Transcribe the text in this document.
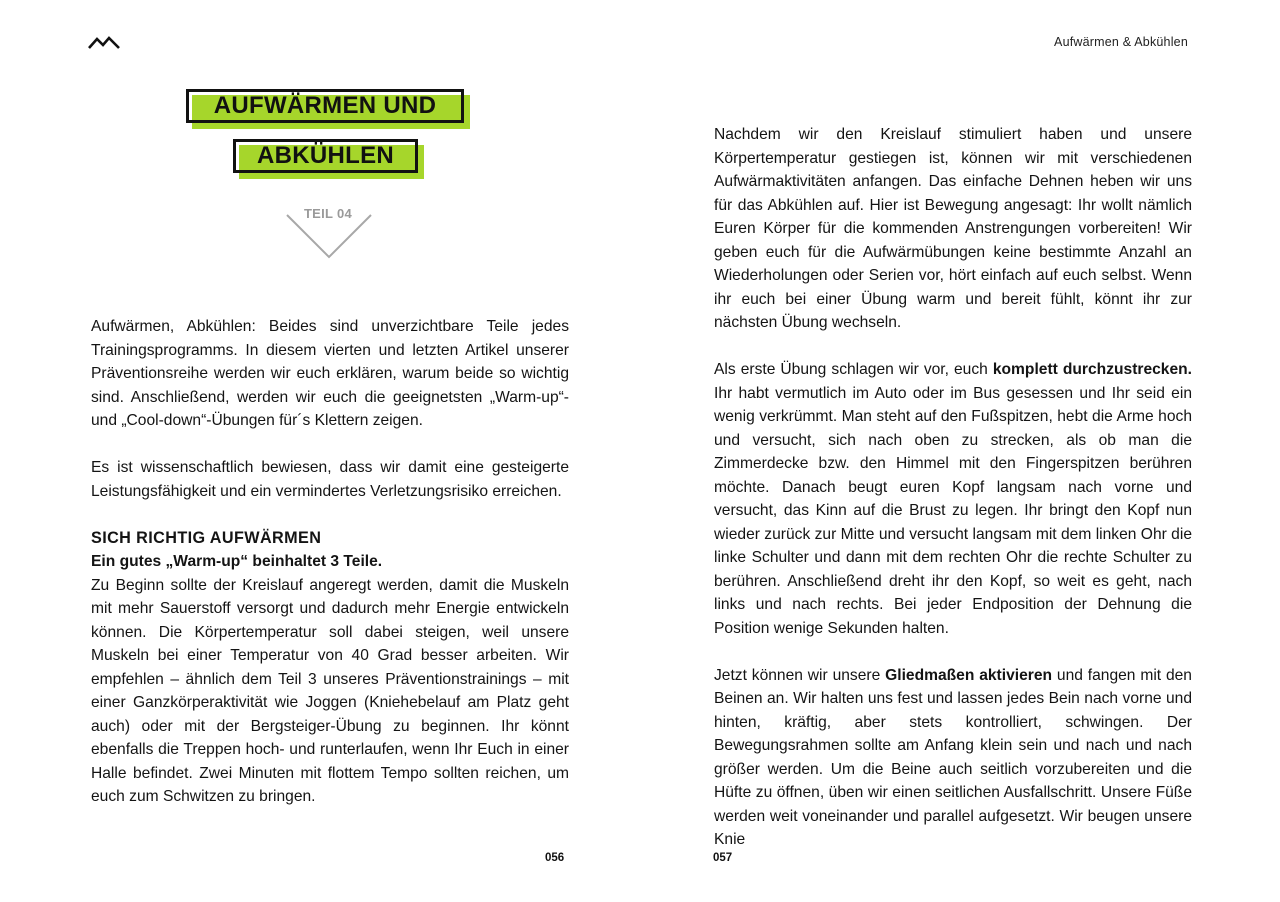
Aufwärmen & Abkühlen
AUFWÄRMEN UND
ABKÜHLEN
TEIL 04

Aufwärmen, Abkühlen: Beides sind unverzichtbare Teile jedes Trainingsprogramms. In diesem vierten und letzten Artikel unserer Präventionsreihe werden wir euch erklären, warum beide so wichtig sind. Anschließend, werden wir euch die geeignetsten „Warm-up“- und „Cool-down“-Übungen für´s Klettern zeigen.

Es ist wissenschaftlich bewiesen, dass wir damit eine gesteigerte Leistungsfähigkeit und ein vermindertes Verletzungsrisiko erreichen.

SICH RICHTIG AUFWÄRMEN

Ein gutes „Warm-up“ beinhaltet 3 Teile.

Zu Beginn sollte der Kreislauf angeregt werden, damit die Muskeln mit mehr Sauerstoff versorgt und dadurch mehr Energie entwickeln können. Die Körpertemperatur soll dabei steigen, weil unsere Muskeln bei einer Temperatur von 40 Grad besser arbeiten. Wir empfehlen – ähnlich dem Teil 3 unseres Präventionstrainings – mit einer Ganzkörperaktivität wie Joggen (Kniehebelauf am Platz geht auch) oder mit der Bergsteiger-Übung zu beginnen. Ihr könnt ebenfalls die Treppen hoch- und runterlaufen, wenn Ihr Euch in einer Halle befindet. Zwei Minuten mit flottem Tempo sollten reichen, um euch zum Schwitzen zu bringen.

Nachdem wir den Kreislauf stimuliert haben und unsere Körpertemperatur gestiegen ist, können wir mit verschiedenen Aufwärmaktivitäten anfangen. Das einfache Dehnen heben wir uns für das Abkühlen auf. Hier ist Bewegung angesagt: Ihr wollt nämlich Euren Körper für die kommenden Anstrengungen vorbereiten! Wir geben euch für die Aufwärmübungen keine bestimmte Anzahl an Wiederholungen oder Serien vor, hört einfach auf euch selbst. Wenn ihr euch bei einer Übung warm und bereit fühlt, könnt ihr zur nächsten Übung wechseln.

Als erste Übung schlagen wir vor, euch komplett durchzustrecken. Ihr habt vermutlich im Auto oder im Bus gesessen und Ihr seid ein wenig verkrümmt. Man steht auf den Fußspitzen, hebt die Arme hoch und versucht, sich nach oben zu strecken, als ob man die Zimmerdecke bzw. den Himmel mit den Fingerspitzen berühren möchte. Danach beugt euren Kopf langsam nach vorne und versucht, das Kinn auf die Brust zu legen. Ihr bringt den Kopf nun wieder zurück zur Mitte und versucht langsam mit dem linken Ohr die linke Schulter und dann mit dem rechten Ohr die rechte Schulter zu berühren. Anschließend dreht ihr den Kopf, so weit es geht, nach links und nach rechts. Bei jeder Endposition der Dehnung die Position wenige Sekunden halten.

Jetzt können wir unsere Gliedmaßen aktivieren und fangen mit den Beinen an. Wir halten uns fest und lassen jedes Bein nach vorne und hinten, kräftig, aber stets kontrolliert, schwingen. Der Bewegungsrahmen sollte am Anfang klein sein und nach und nach größer werden. Um die Beine auch seitlich vorzubereiten und die Hüfte zu öffnen, üben wir einen seitlichen Ausfallschritt. Unsere Füße werden weit voneinander und parallel aufgesetzt. Wir beugen unsere Knie

056	057
